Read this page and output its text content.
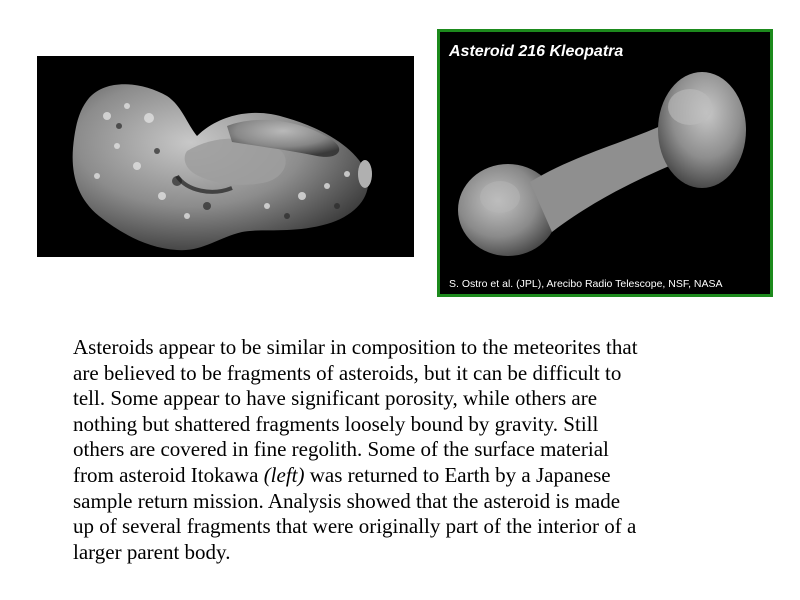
Asteroid 216 Kleopatra
S. Ostro et al. (JPL), Arecibo Radio Telescope, NSF, NASA
Asteroids appear to be similar in composition to the meteorites that
are believed to be fragments of asteroids, but it can be difficult to
tell. Some appear to have significant porosity, while others are
nothing but shattered fragments loosely bound by gravity. Still
others are covered in fine regolith. Some of the surface material
from asteroid Itokawa (left) was returned to Earth by a Japanese
sample return mission. Analysis showed that the asteroid is made
up of several fragments that were originally part of the interior of a
larger parent body.
